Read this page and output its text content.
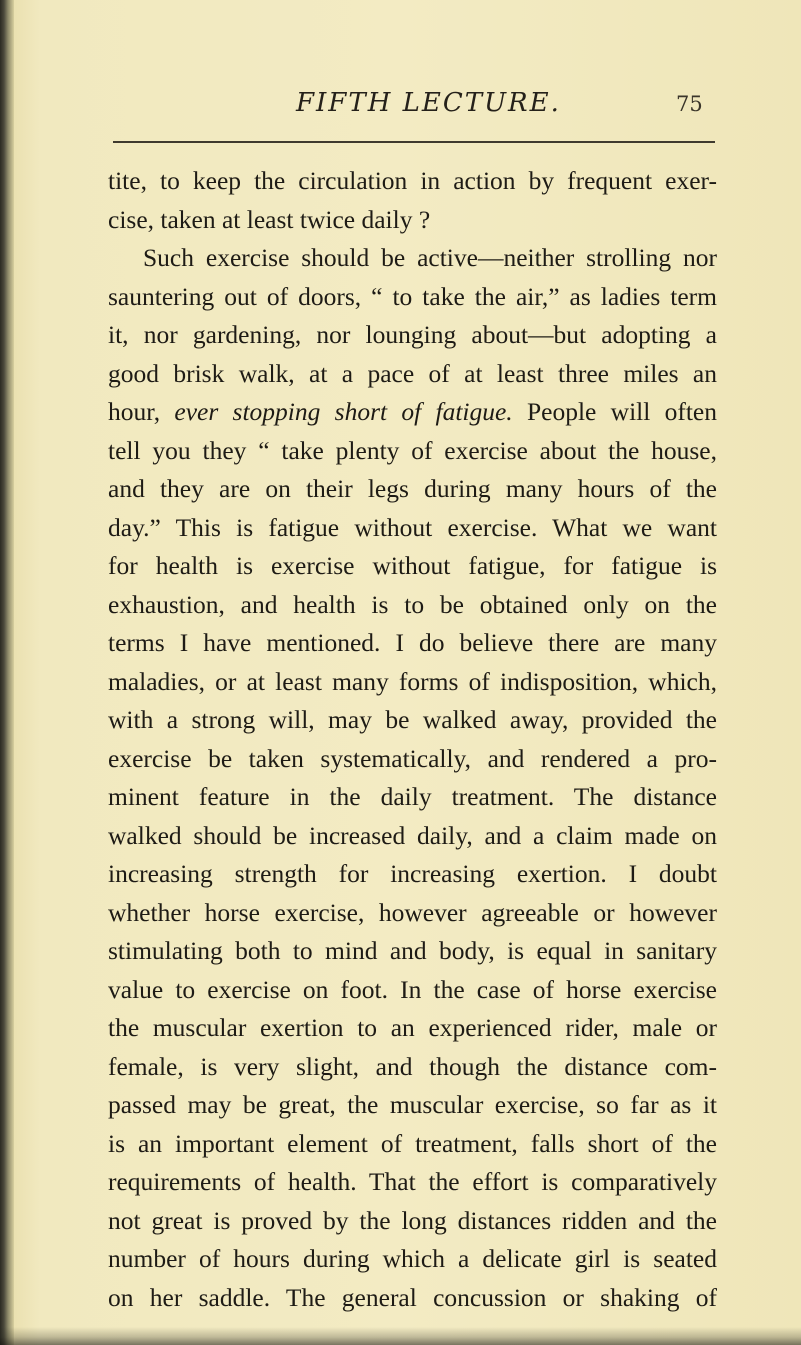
FIFTH LECTURE.	75
tite, to keep the circulation in action by frequent exer-
cise, taken at least twice daily ?
Such exercise should be active—neither strolling nor
sauntering out of doors, “ to take the air,” as ladies term
it, nor gardening, nor lounging about—but adopting a
good brisk walk, at a pace of at least three miles an
hour, ever stopping short of fatigue. People will often
tell you they “ take plenty of exercise about the house,
and they are on their legs during many hours of the
day.” This is fatigue without exercise. What we want
for health is exercise without fatigue, for fatigue is
exhaustion, and health is to be obtained only on the
terms I have mentioned. I do believe there are many
maladies, or at least many forms of indisposition, which,
with a strong will, may be walked away, provided the
exercise be taken systematically, and rendered a pro-
minent feature in the daily treatment. The distance
walked should be increased daily, and a claim made on
increasing strength for increasing exertion. I doubt
whether horse exercise, however agreeable or however
stimulating both to mind and body, is equal in sanitary
value to exercise on foot. In the case of horse exercise
the muscular exertion to an experienced rider, male or
female, is very slight, and though the distance com-
passed may be great, the muscular exercise, so far as it
is an important element of treatment, falls short of the
requirements of health. That the effort is comparatively
not great is proved by the long distances ridden and the
number of hours during which a delicate girl is seated
on her saddle. The general concussion or shaking of
